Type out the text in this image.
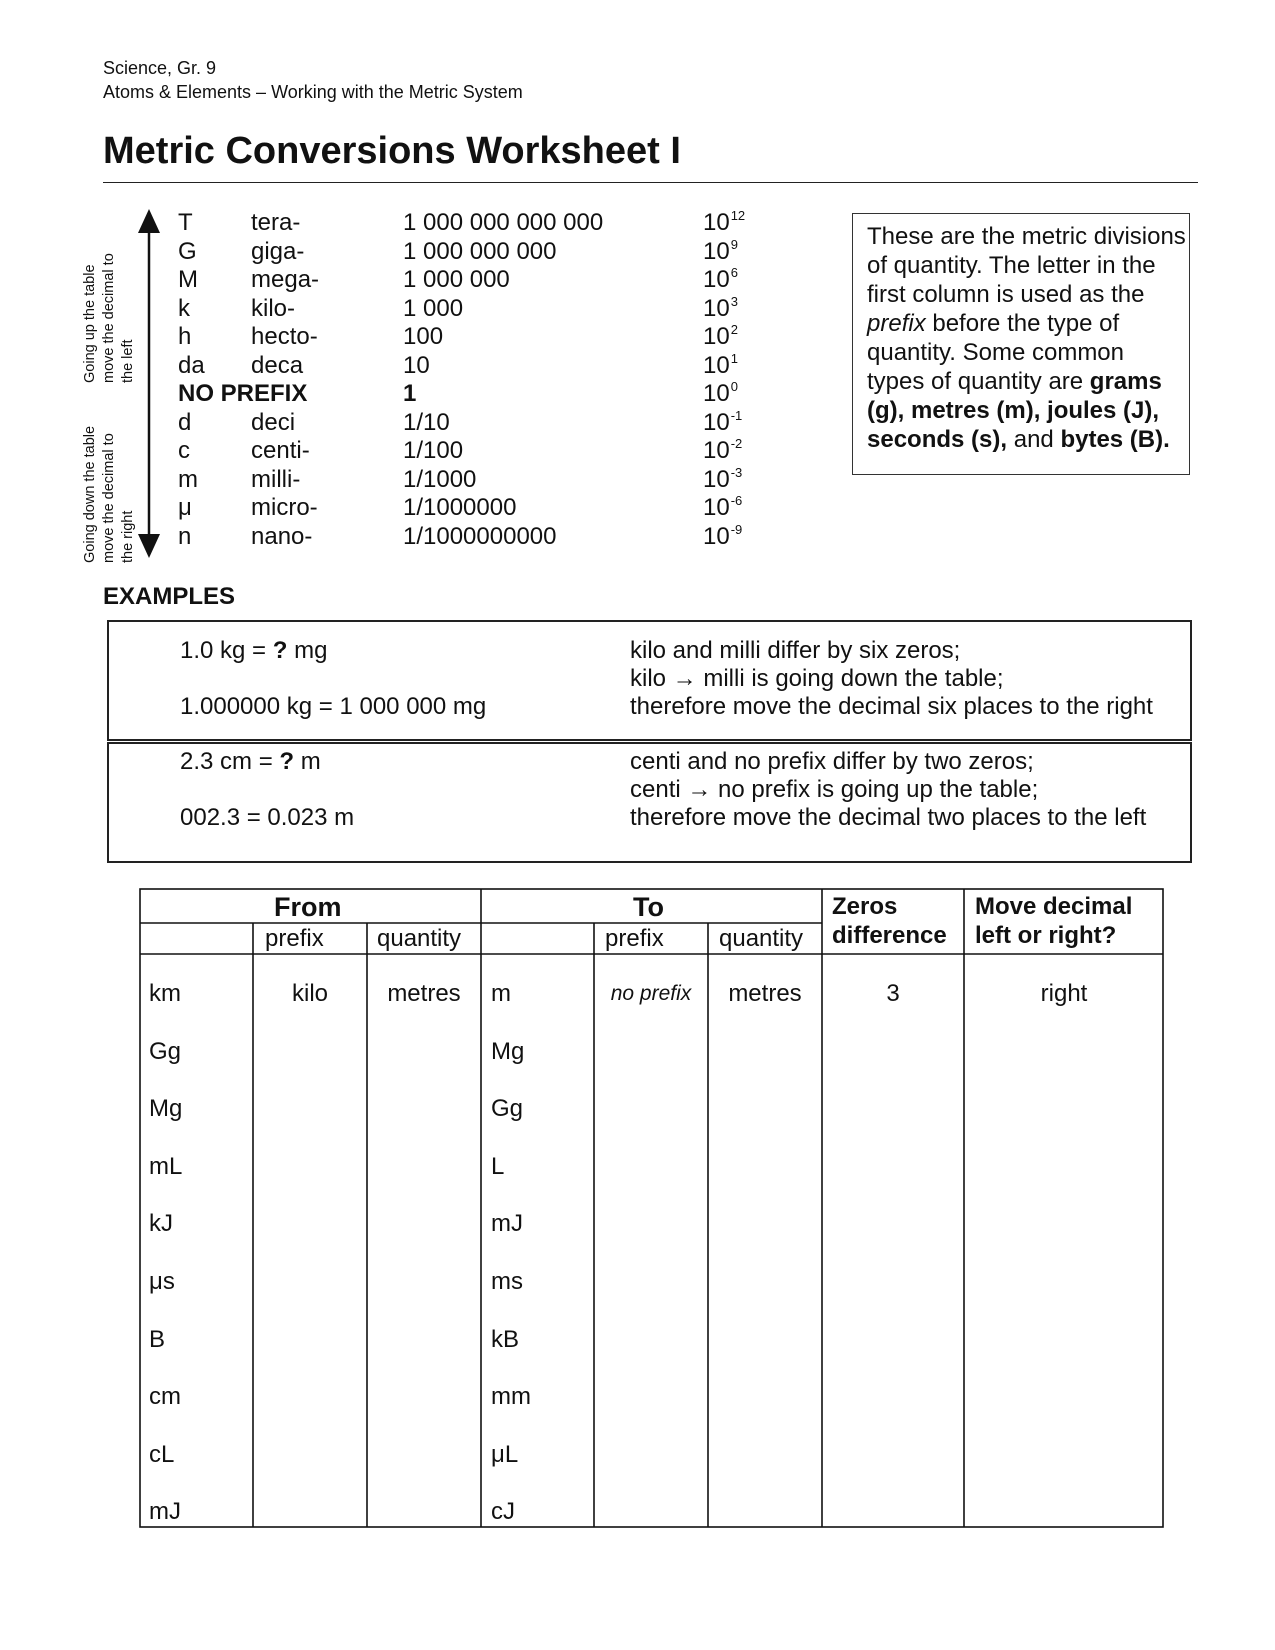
Science, Gr. 9
Atoms & Elements – Working with the Metric System
Metric Conversions Worksheet I
Going up the table move the decimal to the left
Going down the table move the decimal to the right
T tera-	1 000 000 000 000	$10^{12}$
G giga-	1 000 000 000	$10^9$
M mega-	1 000 000	$10^6$
k	kilo-	1 000	$10^3$
h hecto-	100	$10^2$
da deca	10	$10^1$
NO PREFIX	1	$10^0$
d deci	1/10	$10^{-1}$
c	centi-	1/100	$10^{-2}$
m milli-	1/1000	$10^{-3}$
μ micro-	1/1000000	$10^{-6}$
n nano-	1/1000000000	$10^{-9}$
These are the metric divisions of quantity. The letter in the first column is used as the prefix before the type of quantity. Some common types of quantity are grams (g), metres (m), joules (J), seconds (s), and bytes (B).
EXAMPLES
1.0 kg = ? mg
1.000000 kg = 1 000 000 mg
kilo and milli differ by six zeros;
kilo → milli is going down the table;
therefore move the decimal six places to the right
2.3 cm = ? m
002.3 = 0.023 m
centi and no prefix differ by two zeros;
centi → no prefix is going up the table;
therefore move the decimal two places to the left
From	To
prefix quantity	prefix quantity
Zeros
difference
Move decimal
left or right?
km	kilo	metres	m	no prefix	metres	3	right
Gg	Mg
Mg	Gg
mL	L
kJ	mJ
μs	ms
B	kB
cm	mm
cL	μL
mJ	cJ
